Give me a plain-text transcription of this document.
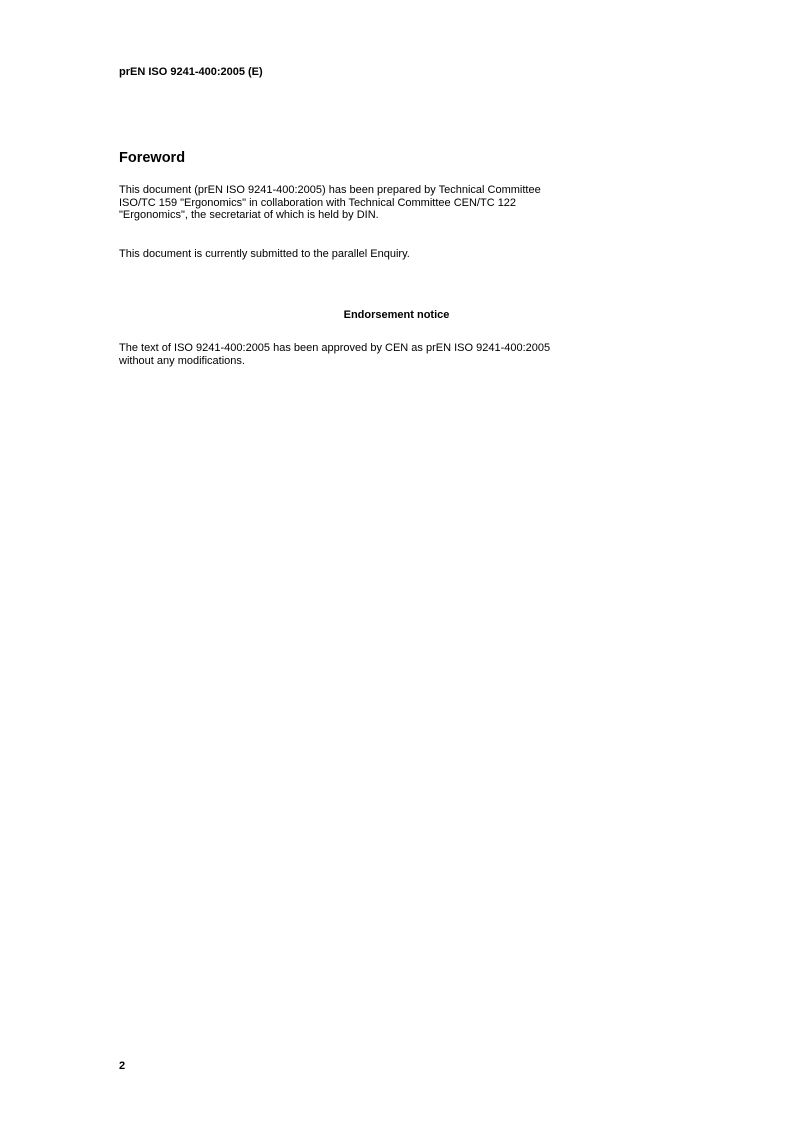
prEN ISO 9241-400:2005 (E)
Foreword

This document (prEN ISO 9241-400:2005) has been prepared by Technical Committee
ISO/TC 159 "Ergonomics" in collaboration with Technical Committee CEN/TC 122
"Ergonomics", the secretariat of which is held by DIN.

This document is currently submitted to the parallel Enquiry.

Endorsement notice

The text of ISO 9241-400:2005 has been approved by CEN as prEN ISO 9241-400:2005
without any modifications.

2
